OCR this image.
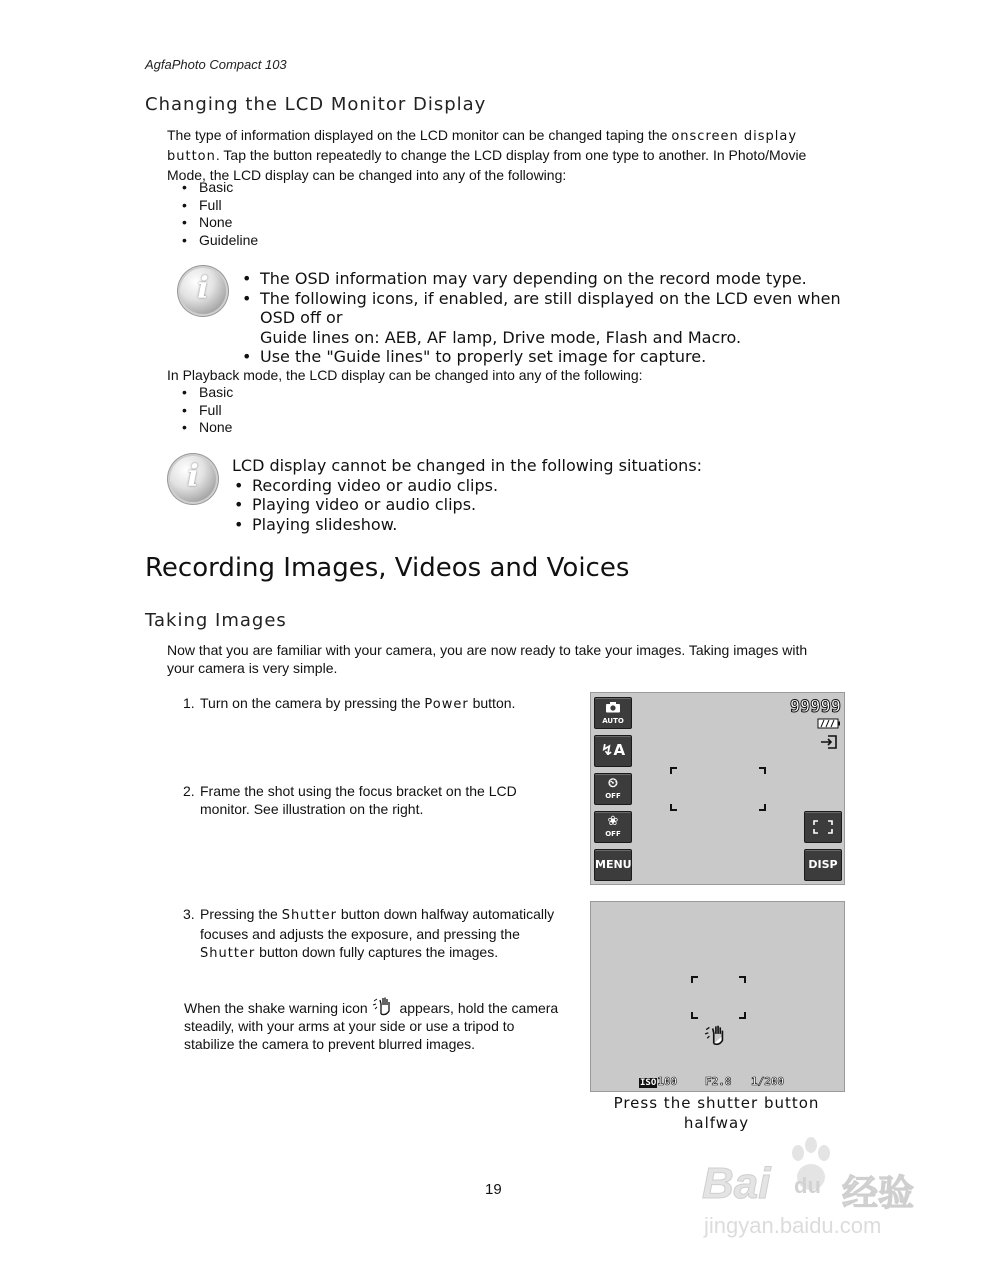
AgfaPhoto Compact 103
Changing the LCD Monitor Display
The type of information displayed on the LCD monitor can be changed taping the onscreen display
button. Tap the button repeatedly to change the LCD display from one type to another. In Photo/Movie
Mode, the LCD display can be changed into any of the following:
• Basic
• Full
• None
• Guideline
i
•	The OSD information may vary depending on the record mode type.
• The following icons, if enabled, are still displayed on the LCD even when OSD off or
Guide lines on: AEB, AF lamp, Drive mode, Flash and Macro.
• Use the "Guide lines" to properly set image for capture.
In Playback mode, the LCD display can be changed into any of the following:
• Basic
• Full
• None
i	LCD display cannot be changed in the following situations:
• Recording video or audio clips.
• Playing video or audio clips.
• Playing slideshow.
Recording Images, Videos and Voices
Taking Images
Now that you are familiar with your camera, you are now ready to take your images. Taking images with
your camera is very simple.
1. Turn on the camera by pressing the Power button.
2. Frame the shot using the focus bracket on the LCD
monitor. See illustration on the right.
3. Pressing the Shutter button down halfway automatically
focuses and adjusts the exposure, and pressing the
Shutter button down fully captures the images.
When the shake warning icon  appears, hold the camera
steadily, with your arms at your side or use a tripod to
stabilize the camera to prevent blurred images.
AUTO
↯A
⏲
OFF
❀
OFF
MENU	DISP
99999
ISO100	F2.8 1/200
Press the shutter button
halfway
19	Bai du 经验
jingyan.baidu.com
